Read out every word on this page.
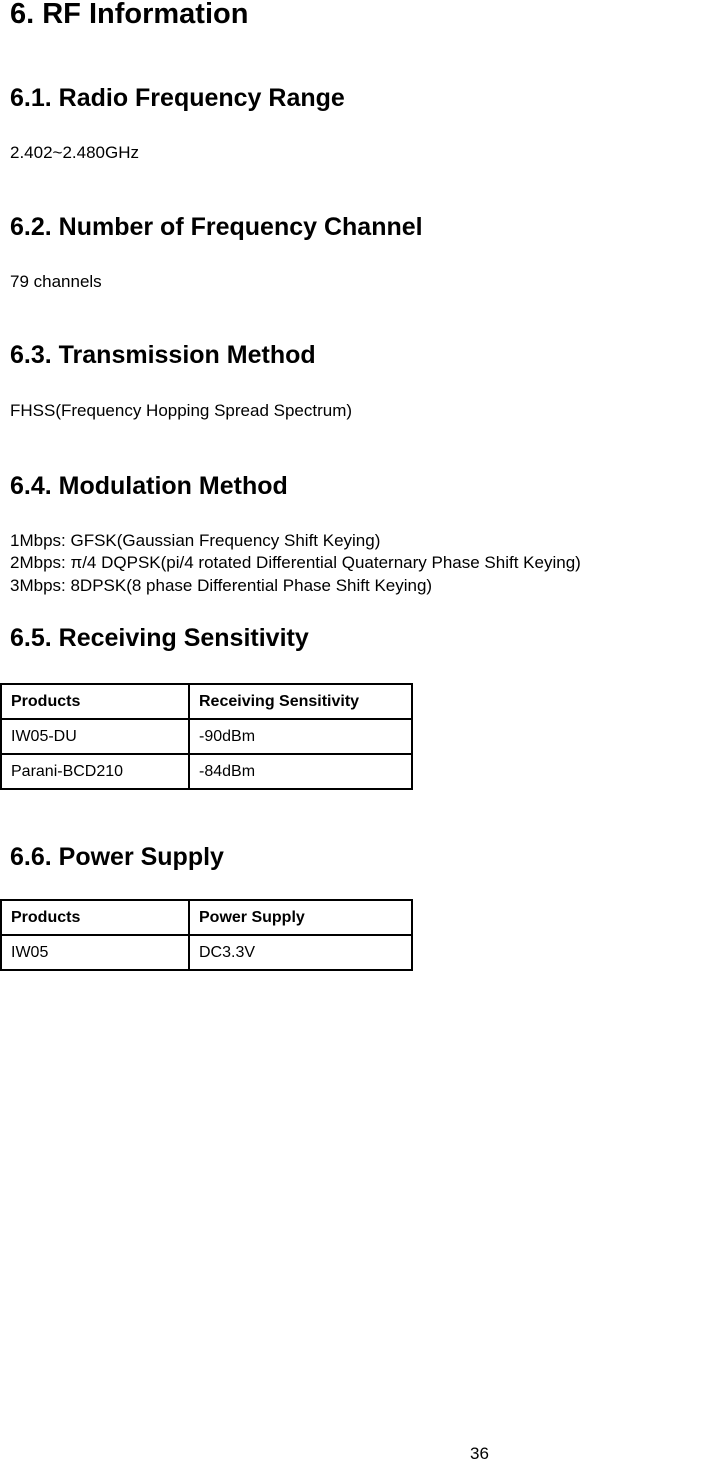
6. RF Information
6.1. Radio Frequency Range

2.402~2.480GHz

6.2. Number of Frequency Channel

79 channels

6.3. Transmission Method

FHSS(Frequency Hopping Spread Spectrum)

6.4. Modulation Method

1Mbps: GFSK(Gaussian Frequency Shift Keying)

2Mbps: π/4 DQPSK(pi/4 rotated Differential Quaternary Phase Shift Keying)

3Mbps: 8DPSK(8 phase Differential Phase Shift Keying)

6.5. Receiving Sensitivity
Products	Receiving Sensitivity
IW05-DU	-90dBm
Parani-BCD210	-84dBm
6.6. Power Supply
Products	Power Supply
IW05	DC3.3V
36
